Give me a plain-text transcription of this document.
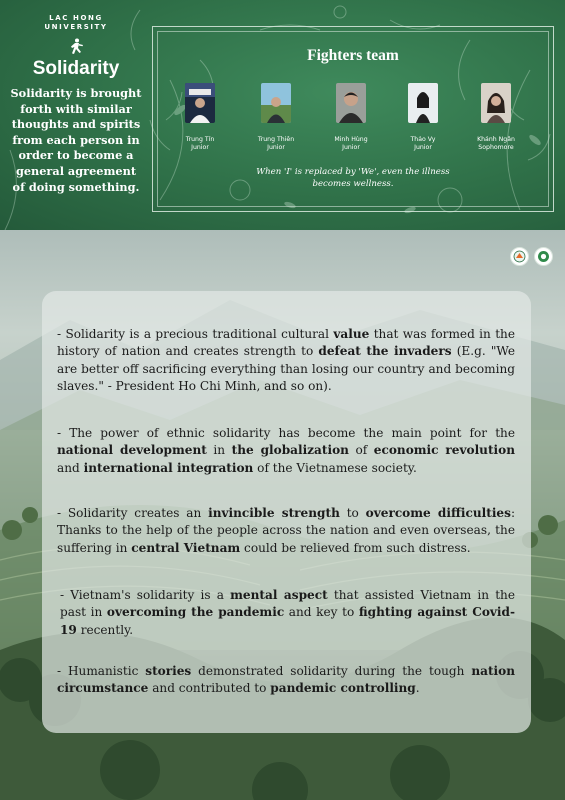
LAC HONG
UNIVERSITY
Solidarity
Solidarity is brought forth with similar thoughts and spirits from each person in order to become a general agreement of doing something.
Fighters team
Trung Tín
Junior
Trung Thiên
Junior
Minh Hùng
Junior
Thảo Vy
Junior
Khánh Ngân
Sophomore
When 'I' is replaced by 'We', even the illness becomes wellness.

- Solidarity is a precious traditional cultural value that was formed in the history of nation and creates strength to defeat the invaders (E.g. "We are better off sacrificing everything than losing our country and becoming slaves." - President Ho Chi Minh, and so on).

- The power of ethnic solidarity has become the main point for the national development in the globalization of economic revolution and international integration of the Vietnamese society.

- Solidarity creates an invincible strength to overcome difficulties: Thanks to the help of the people across the nation and even overseas, the suffering in central Vietnam could be relieved from such distress.

- Vietnam's solidarity is a mental aspect that assisted Vietnam in the past in overcoming the pandemic and key to fighting against Covid-19 recently.

- Humanistic stories demonstrated solidarity during the tough nation circumstance and contributed to pandemic controlling.
